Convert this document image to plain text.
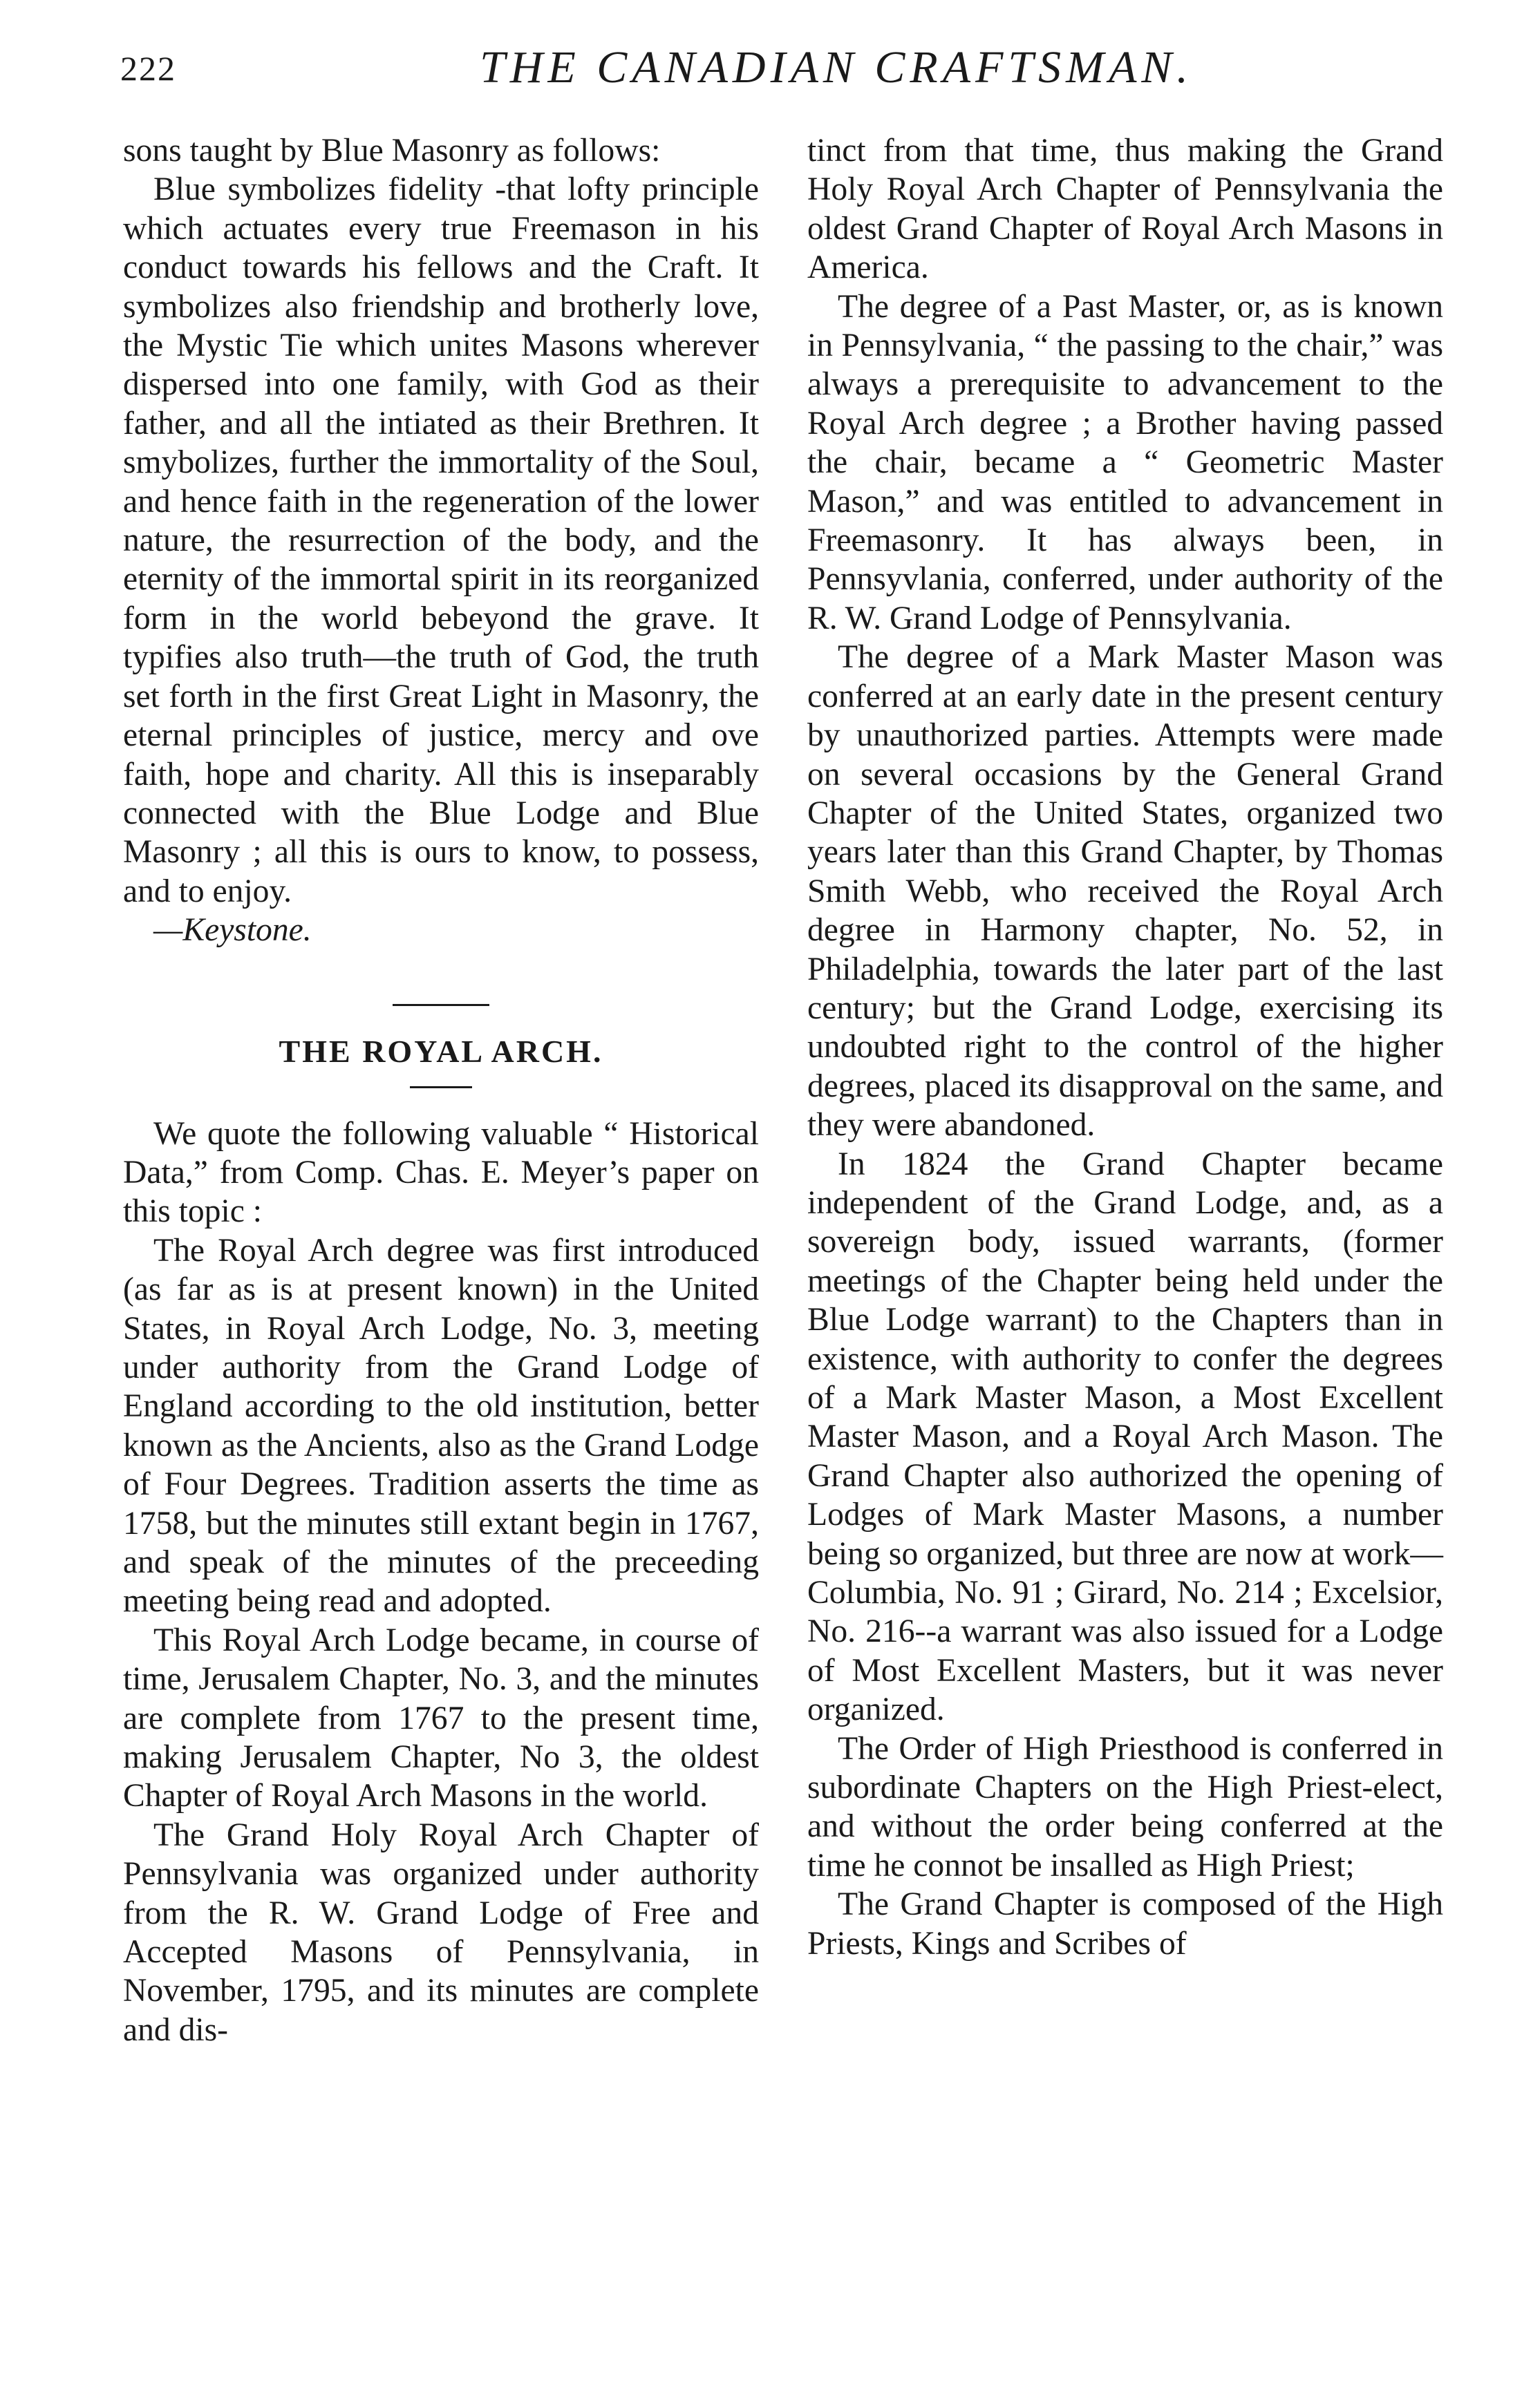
222	THE CANADIAN CRAFTSMAN.

sons taught by Blue Masonry as follows:

Blue symbolizes fidelity -that lofty principle which actuates every true Freemason in his conduct towards his fellows and the Craft. It symbolizes also friendship and brotherly love, the Mystic Tie which unites Masons wherever dispersed into one family, with God as their father, and all the intiated as their Brethren. It smybolizes, further the immortality of the Soul, and hence faith in the regeneration of the lower nature, the resurrection of the body, and the eternity of the immortal spirit in its reorganized form in the world bebeyond the grave. It typifies also truth—the truth of God, the truth set forth in the first Great Light in Masonry, the eternal principles of justice, mercy and ove faith, hope and charity. All this is inseparably connected with the Blue Lodge and Blue Masonry ; all this is ours to know, to possess, and to enjoy.

—Keystone.

THE ROYAL ARCH.

We quote the following valuable “ Historical Data,” from Comp. Chas. E. Meyer’s paper on this topic :

The Royal Arch degree was first introduced (as far as is at present known) in the United States, in Royal Arch Lodge, No. 3, meeting under authority from the Grand Lodge of England according to the old institution, better known as the Ancients, also as the Grand Lodge of Four Degrees. Tradition asserts the time as 1758, but the minutes still extant begin in 1767, and speak of the minutes of the preceeding meeting being read and adopted.

This Royal Arch Lodge became, in course of time, Jerusalem Chapter, No. 3, and the minutes are complete from 1767 to the present time, making Jerusalem Chapter, No 3, the oldest Chapter of Royal Arch Masons in the world.

The Grand Holy Royal Arch Chapter of Pennsylvania was organized under authority from the R. W. Grand Lodge of Free and Accepted Masons of Pennsylvania, in November, 1795, and its minutes are complete and dis-

tinct from that time, thus making the Grand Holy Royal Arch Chapter of Pennsylvania the oldest Grand Chapter of Royal Arch Masons in America.

The degree of a Past Master, or, as is known in Pennsylvania, “ the passing to the chair,” was always a prerequisite to advancement to the Royal Arch degree ; a Brother having passed the chair, became a “ Geometric Master Mason,” and was entitled to advancement in Freemasonry. It has always been, in Pennsyvlania, conferred, under authority of the R. W. Grand Lodge of Pennsylvania.

The degree of a Mark Master Mason was conferred at an early date in the present century by unauthorized parties. Attempts were made on several occasions by the General Grand Chapter of the United States, organized two years later than this Grand Chapter, by Thomas Smith Webb, who received the Royal Arch degree in Harmony chapter, No. 52, in Philadelphia, towards the later part of the last century; but the Grand Lodge, exercising its undoubted right to the control of the higher degrees, placed its disapproval on the same, and they were abandoned.

In 1824 the Grand Chapter became independent of the Grand Lodge, and, as a sovereign body, issued warrants, (former meetings of the Chapter being held under the Blue Lodge warrant) to the Chapters than in existence, with authority to confer the degrees of a Mark Master Mason, a Most Excellent Master Mason, and a Royal Arch Mason. The Grand Chapter also authorized the opening of Lodges of Mark Master Masons, a number being so organized, but three are now at work—Columbia, No. 91 ; Girard, No. 214 ; Excelsior, No. 216--a warrant was also issued for a Lodge of Most Excellent Masters, but it was never organized.

The Order of High Priesthood is conferred in subordinate Chapters on the High Priest-elect, and without the order being conferred at the time he connot be insalled as High Priest;

The Grand Chapter is composed of the High Priests, Kings and Scribes of
